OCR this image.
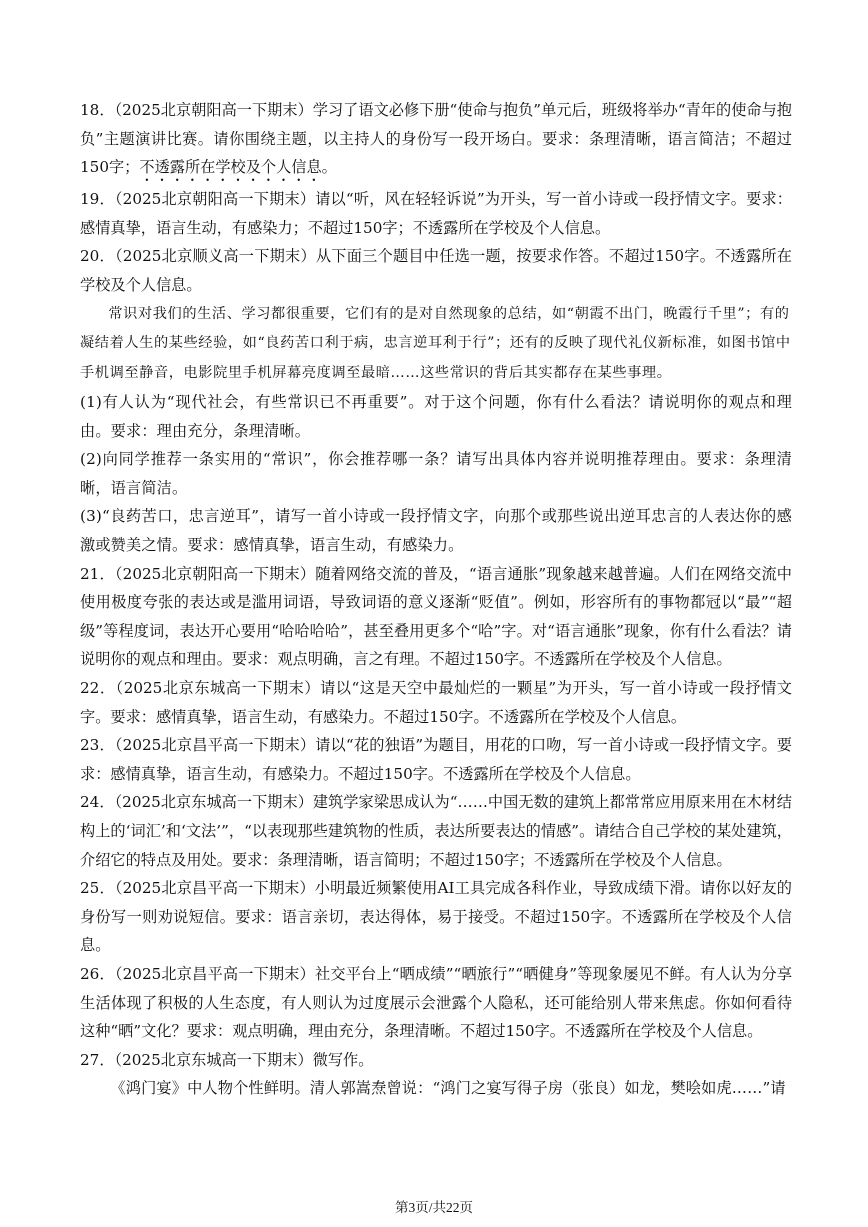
18．（2025北京朝阳高一下期末）学习了语文必修下册“使命与抱负”单元后，班级将举办“青年的使命与抱负”主题演讲比赛。请你围绕主题，以主持人的身份写一段开场白。要求：条理清晰，语言简洁；不超过150字；不透露所在学校及个人信息。

19．（2025北京朝阳高一下期末）请以“听，风在轻轻诉说”为开头，写一首小诗或一段抒情文字。要求：感情真挚，语言生动，有感染力；不超过150字；不透露所在学校及个人信息。

20．（2025北京顺义高一下期末）从下面三个题目中任选一题，按要求作答。不超过150字。不透露所在学校及个人信息。

常识对我们的生活、学习都很重要，它们有的是对自然现象的总结，如“朝霞不出门，晚霞行千里”；有的凝结着人生的某些经验，如“良药苦口利于病，忠言逆耳利于行”；还有的反映了现代礼仪新标准，如图书馆中手机调至静音，电影院里手机屏幕亮度调至最暗……这些常识的背后其实都存在某些事理。

(1)有人认为“现代社会，有些常识已不再重要”。对于这个问题，你有什么看法？请说明你的观点和理由。要求：理由充分，条理清晰。

(2)向同学推荐一条实用的“常识”，你会推荐哪一条？请写出具体内容并说明推荐理由。要求：条理清晰，语言简洁。

(3)“良药苦口，忠言逆耳”，请写一首小诗或一段抒情文字，向那个或那些说出逆耳忠言的人表达你的感激或赞美之情。要求：感情真挚，语言生动，有感染力。

21．（2025北京朝阳高一下期末）随着网络交流的普及，“语言通胀”现象越来越普遍。人们在网络交流中使用极度夸张的表达或是滥用词语，导致词语的意义逐渐“贬值”。例如，形容所有的事物都冠以“最”“超级”等程度词，表达开心要用“哈哈哈哈”，甚至叠用更多个“哈”字。对“语言通胀”现象，你有什么看法？请说明你的观点和理由。要求：观点明确，言之有理。不超过150字。不透露所在学校及个人信息。

22．（2025北京东城高一下期末）请以“这是天空中最灿烂的一颗星”为开头，写一首小诗或一段抒情文字。要求：感情真挚，语言生动，有感染力。不超过150字。不透露所在学校及个人信息。

23．（2025北京昌平高一下期末）请以“花的独语”为题目，用花的口吻，写一首小诗或一段抒情文字。要求：感情真挚，语言生动，有感染力。不超过150字。不透露所在学校及个人信息。

24．（2025北京东城高一下期末）建筑学家梁思成认为“……中国无数的建筑上都常常应用原来用在木材结构上的‘词汇’和‘文法’”，“以表现那些建筑物的性质，表达所要表达的情感”。请结合自己学校的某处建筑，介绍它的特点及用处。要求：条理清晰，语言简明；不超过150字；不透露所在学校及个人信息。

25．（2025北京昌平高一下期末）小明最近频繁使用AI工具完成各科作业，导致成绩下滑。请你以好友的身份写一则劝说短信。要求：语言亲切，表达得体，易于接受。不超过150字。不透露所在学校及个人信息。

26．（2025北京昌平高一下期末）社交平台上“晒成绩”“晒旅行”“晒健身”等现象屡见不鲜。有人认为分享生活体现了积极的人生态度，有人则认为过度展示会泄露个人隐私，还可能给别人带来焦虑。你如何看待这种“晒”文化？要求：观点明确，理由充分，条理清晰。不超过150字。不透露所在学校及个人信息。

27．（2025北京东城高一下期末）微写作。

《鸿门宴》中人物个性鲜明。清人郭嵩焘曾说：“鸿门之宴写得子房（张良）如龙，樊哙如虎……”请

第3页/共22页
